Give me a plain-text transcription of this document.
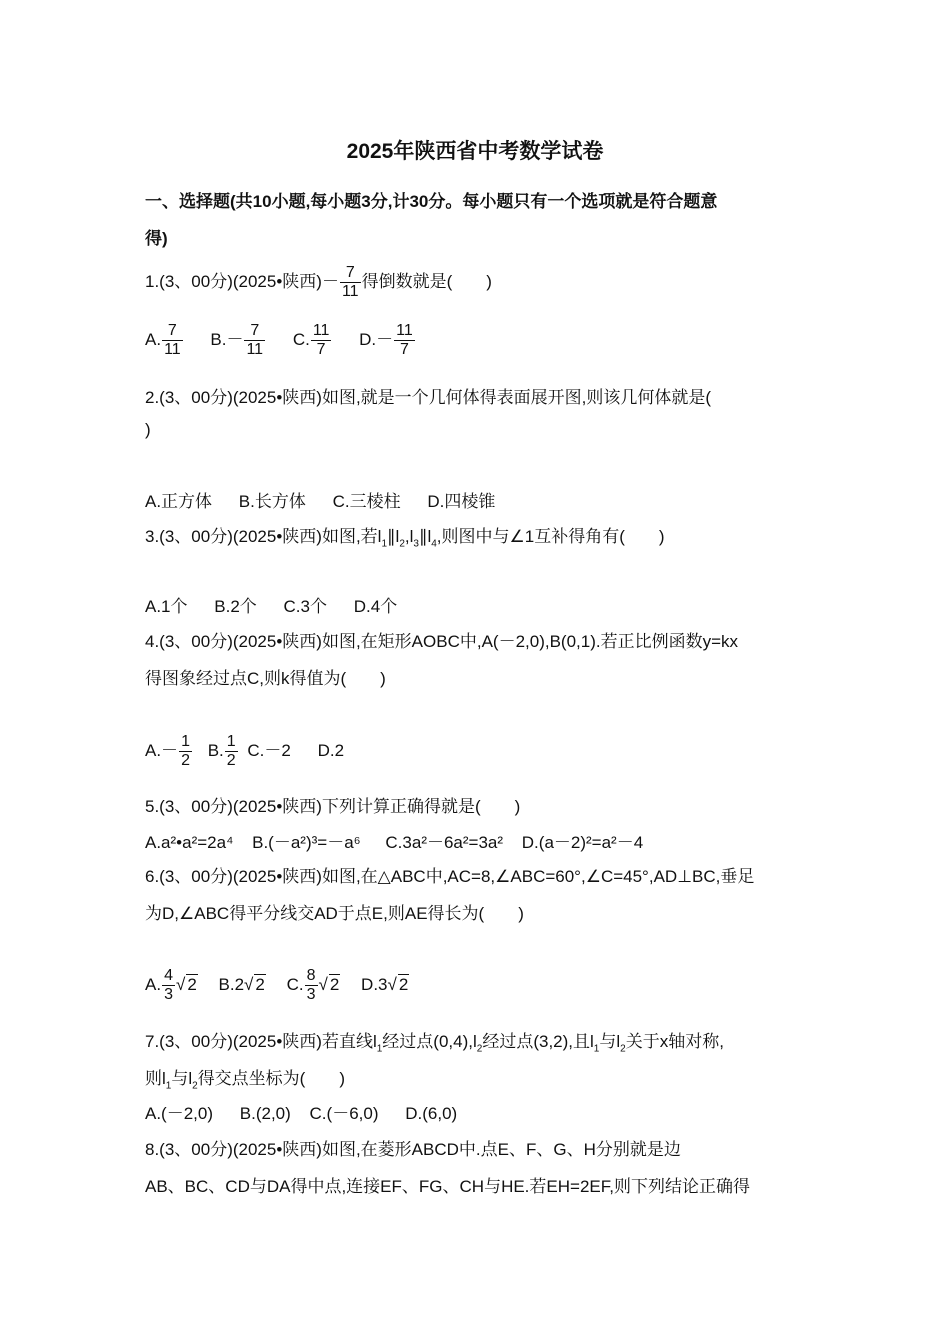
2025年陕西省中考数学试卷
一、选择题(共10小题,每小题3分,计30分。每小题只有一个选项就是符合题意
得)
1.(3、00分)(2025•陕西)－ $\frac{7}{11}$ 得倒数就是(　　)
A. $\frac{7}{11} B.- \frac{7}{11} C$. $\frac{11}{7} D.- \frac{11}{7}$
2.(3、00分)(2025•陕西)如图,就是一个几何体得表面展开图,则该几何体就是(
)
A.正方体 B.长方体 C.三棱柱 D.四棱锥
3.(3、00分)(2025•陕西)如图,若$l_1\parallel l_2,l_3\parallel l_4$,则图中与∠1互补得角有(　　)
A.1个 B.2个 C.3个 D.4个
4.(3、00分)(2025•陕西)如图,在矩形AOBC中,A(－2,0),B(0,1).若正比例函数y=kx
得图象经过点C,则k得值为(　　)
$A.- \frac{1}{2} B$. $\frac{1}{2} C.-2$ D.2
5.(3、00分)(2025•陕西)下列计算正确得就是(　　)
A.a²•a²=2a⁴ B.(－a²)³=－a⁶ C.3a²－6a²=3a² D.(a－2)²=a²－4
6.(3、00分)(2025•陕西)如图,在△ABC中,AC=8,∠ABC=60°,∠C=45°,AD⊥BC,垂足
为D,∠ABC得平分线交AD于点E,则AE得长为(　　)
A. $\frac{4}{3}$ √ 2 B.2√ 2 C. $\frac{8}{3}$ √ 2 D.3√ 2
7.(3、00分)(2025•陕西)若直线$l_1$经过点$(0,4),l_2$经过点(3,2),且$l_1$与$l_2$关于x轴对称,
则$l_1$与$l_2$得交点坐标为(　　)
A.(－2,0) B.(2,0) C.(－6,0) D.(6,0)
8.(3、00分)(2025•陕西)如图,在菱形ABCD中.点E、F、G、H分别就是边
AB、BC、CD与DA得中点,连接EF、FG、CH与HE.若EH=2EF,则下列结论正确得
